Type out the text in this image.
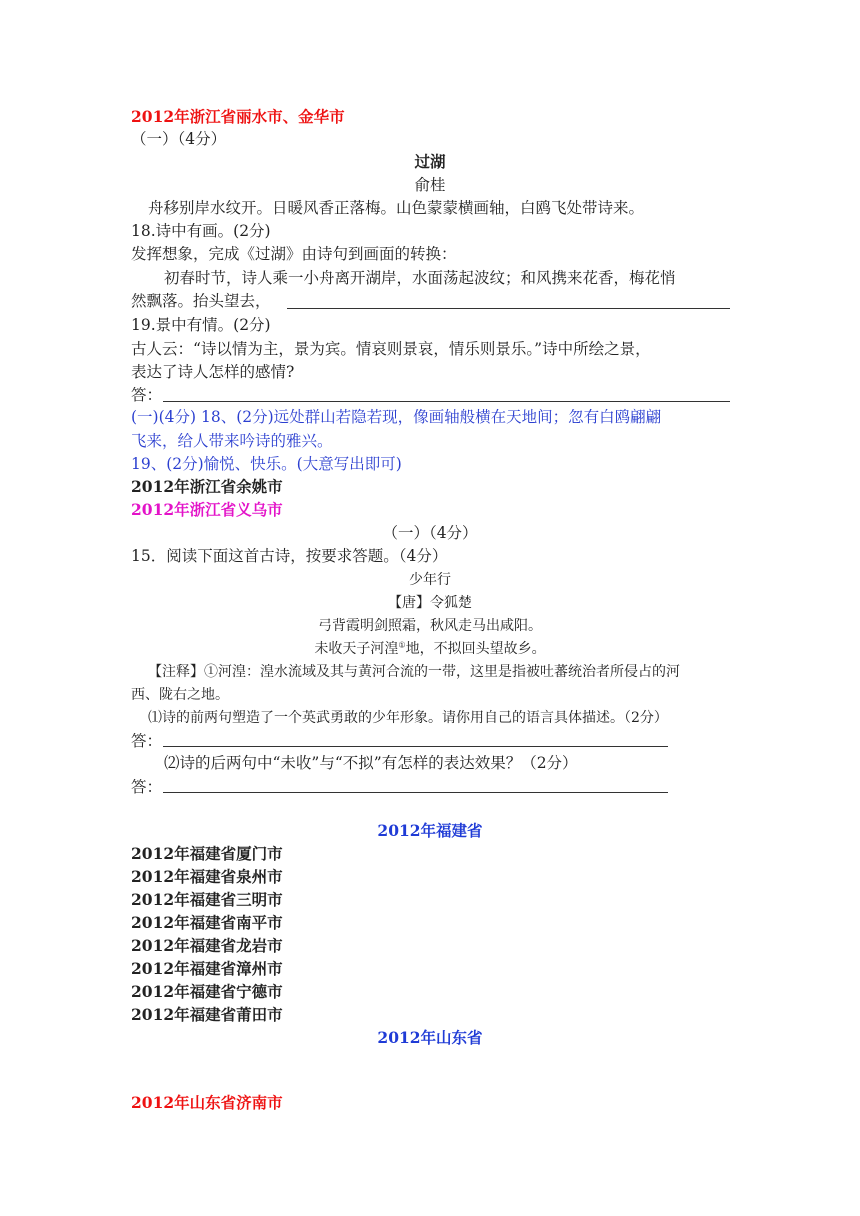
2012年浙江省丽水市、金华市
（一）（4分）
过湖
俞桂
舟移别岸水纹开。日暖风香正落梅。山色蒙蒙横画轴，白鸥飞处带诗来。
18.诗中有画。(2分)
发挥想象，完成《过湖》由诗句到画面的转换：
初春时节，诗人乘一小舟离开湖岸，水面荡起波纹；和风携来花香，梅花悄
然飘落。抬头望去，
19.景中有情。(2分)
古人云：“诗以情为主，景为宾。情哀则景哀，情乐则景乐。”诗中所绘之景，
表达了诗人怎样的感情?
答：
(一)(4分) 18、(2分)远处群山若隐若现，像画轴般横在天地间；忽有白鸥翩翩
飞来，给人带来吟诗的雅兴。
19、(2分)愉悦、快乐。(大意写出即可)
2012年浙江省余姚市
2012年浙江省义乌市
（一）（4分）
15．阅读下面这首古诗，按要求答题。（4分）
少年行
【唐】令狐楚
弓背霞明剑照霜，秋风走马出咸阳。
未收天子河湟①地，不拟回头望故乡。
【注释】①河湟：湟水流域及其与黄河合流的一带，这里是指被吐蕃统治者所侵占的河
西、陇右之地。
⑴诗的前两句塑造了一个英武勇敢的少年形象。请你用自己的语言具体描述。（2分）
答：
⑵诗的后两句中“未收”与“不拟”有怎样的表达效果？（2分）
答：
2012年福建省
2012年福建省厦门市
2012年福建省泉州市
2012年福建省三明市
2012年福建省南平市
2012年福建省龙岩市
2012年福建省漳州市
2012年福建省宁德市
2012年福建省莆田市
2012年山东省
2012年山东省济南市
